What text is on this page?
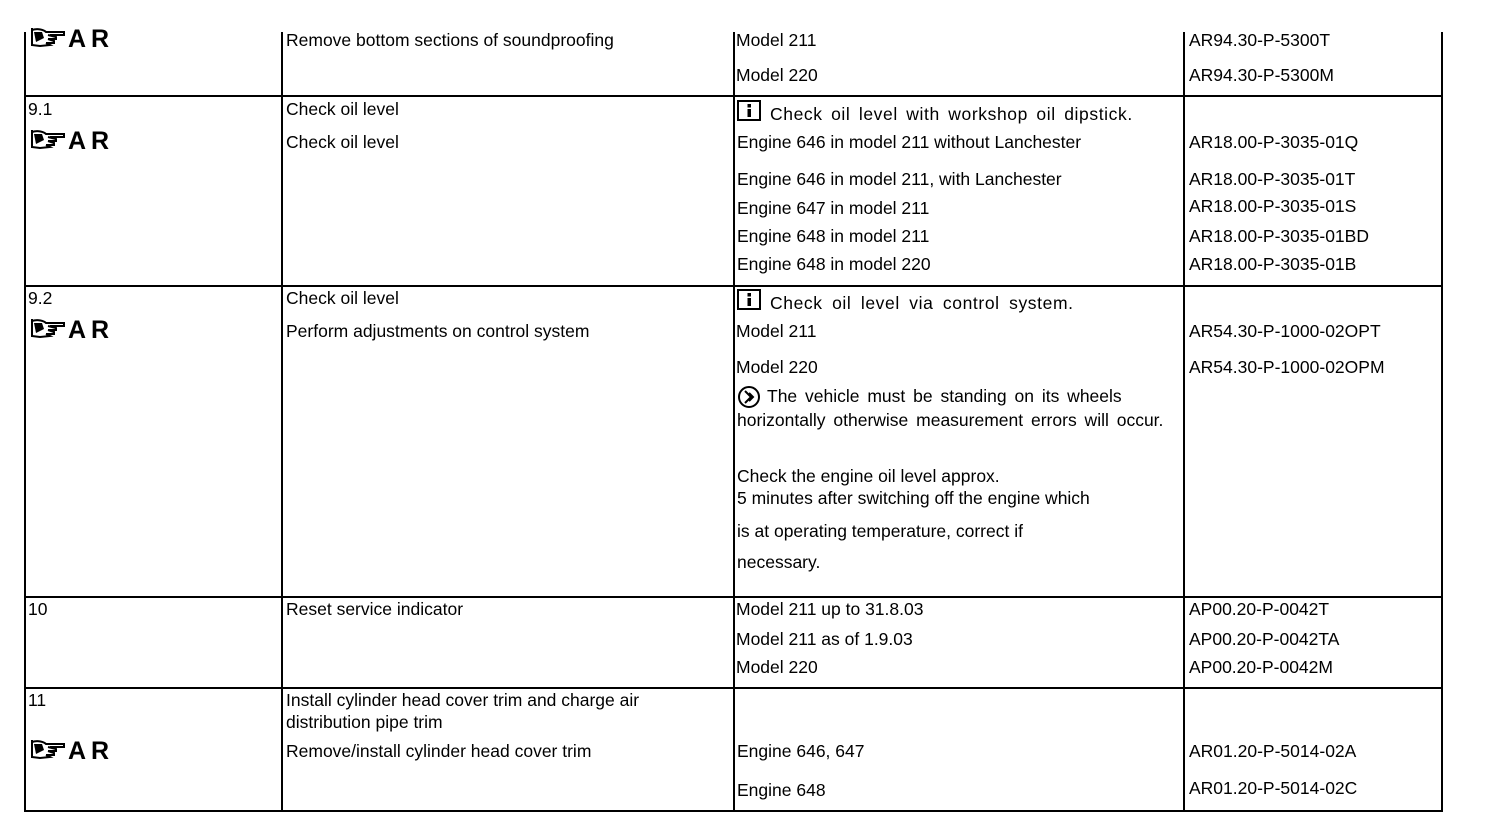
AR	Remove bottom sections of soundproofing	Model 211	AR94.30-P-5300T
Model 220	AR94.30-P-5300M
9.1	Check oil level	Check oil level with workshop oil dipstick.
AR	Check oil level	Engine 646 in model 211 without Lanchester	AR18.00-P-3035-01Q
Engine 646 in model 211, with Lanchester	AR18.00-P-3035-01T
Engine 647 in model 211	AR18.00-P-3035-01S
Engine 648 in model 211	AR18.00-P-3035-01BD
Engine 648 in model 220	AR18.00-P-3035-01B
9.2	Check oil level	Check oil level via control system.
AR	Perform adjustments on control system	Model 211	AR54.30-P-1000-02OPT
Model 220	AR54.30-P-1000-02OPM
The vehicle must be standing on its wheels horizontally otherwise measurement errors will occur.
Check the engine oil level approx.
5 minutes after switching off the engine which
is at operating temperature, correct if
necessary.
10	Reset service indicator	Model 211 up to 31.8.03	AP00.20-P-0042T
Model 211 as of 1.9.03	AP00.20-P-0042TA
Model 220	AP00.20-P-0042M
11	Install cylinder head cover trim and charge air
distribution pipe trim
AR	Remove/install cylinder head cover trim	Engine 646, 647	AR01.20-P-5014-02A
Engine 648	AR01.20-P-5014-02C
